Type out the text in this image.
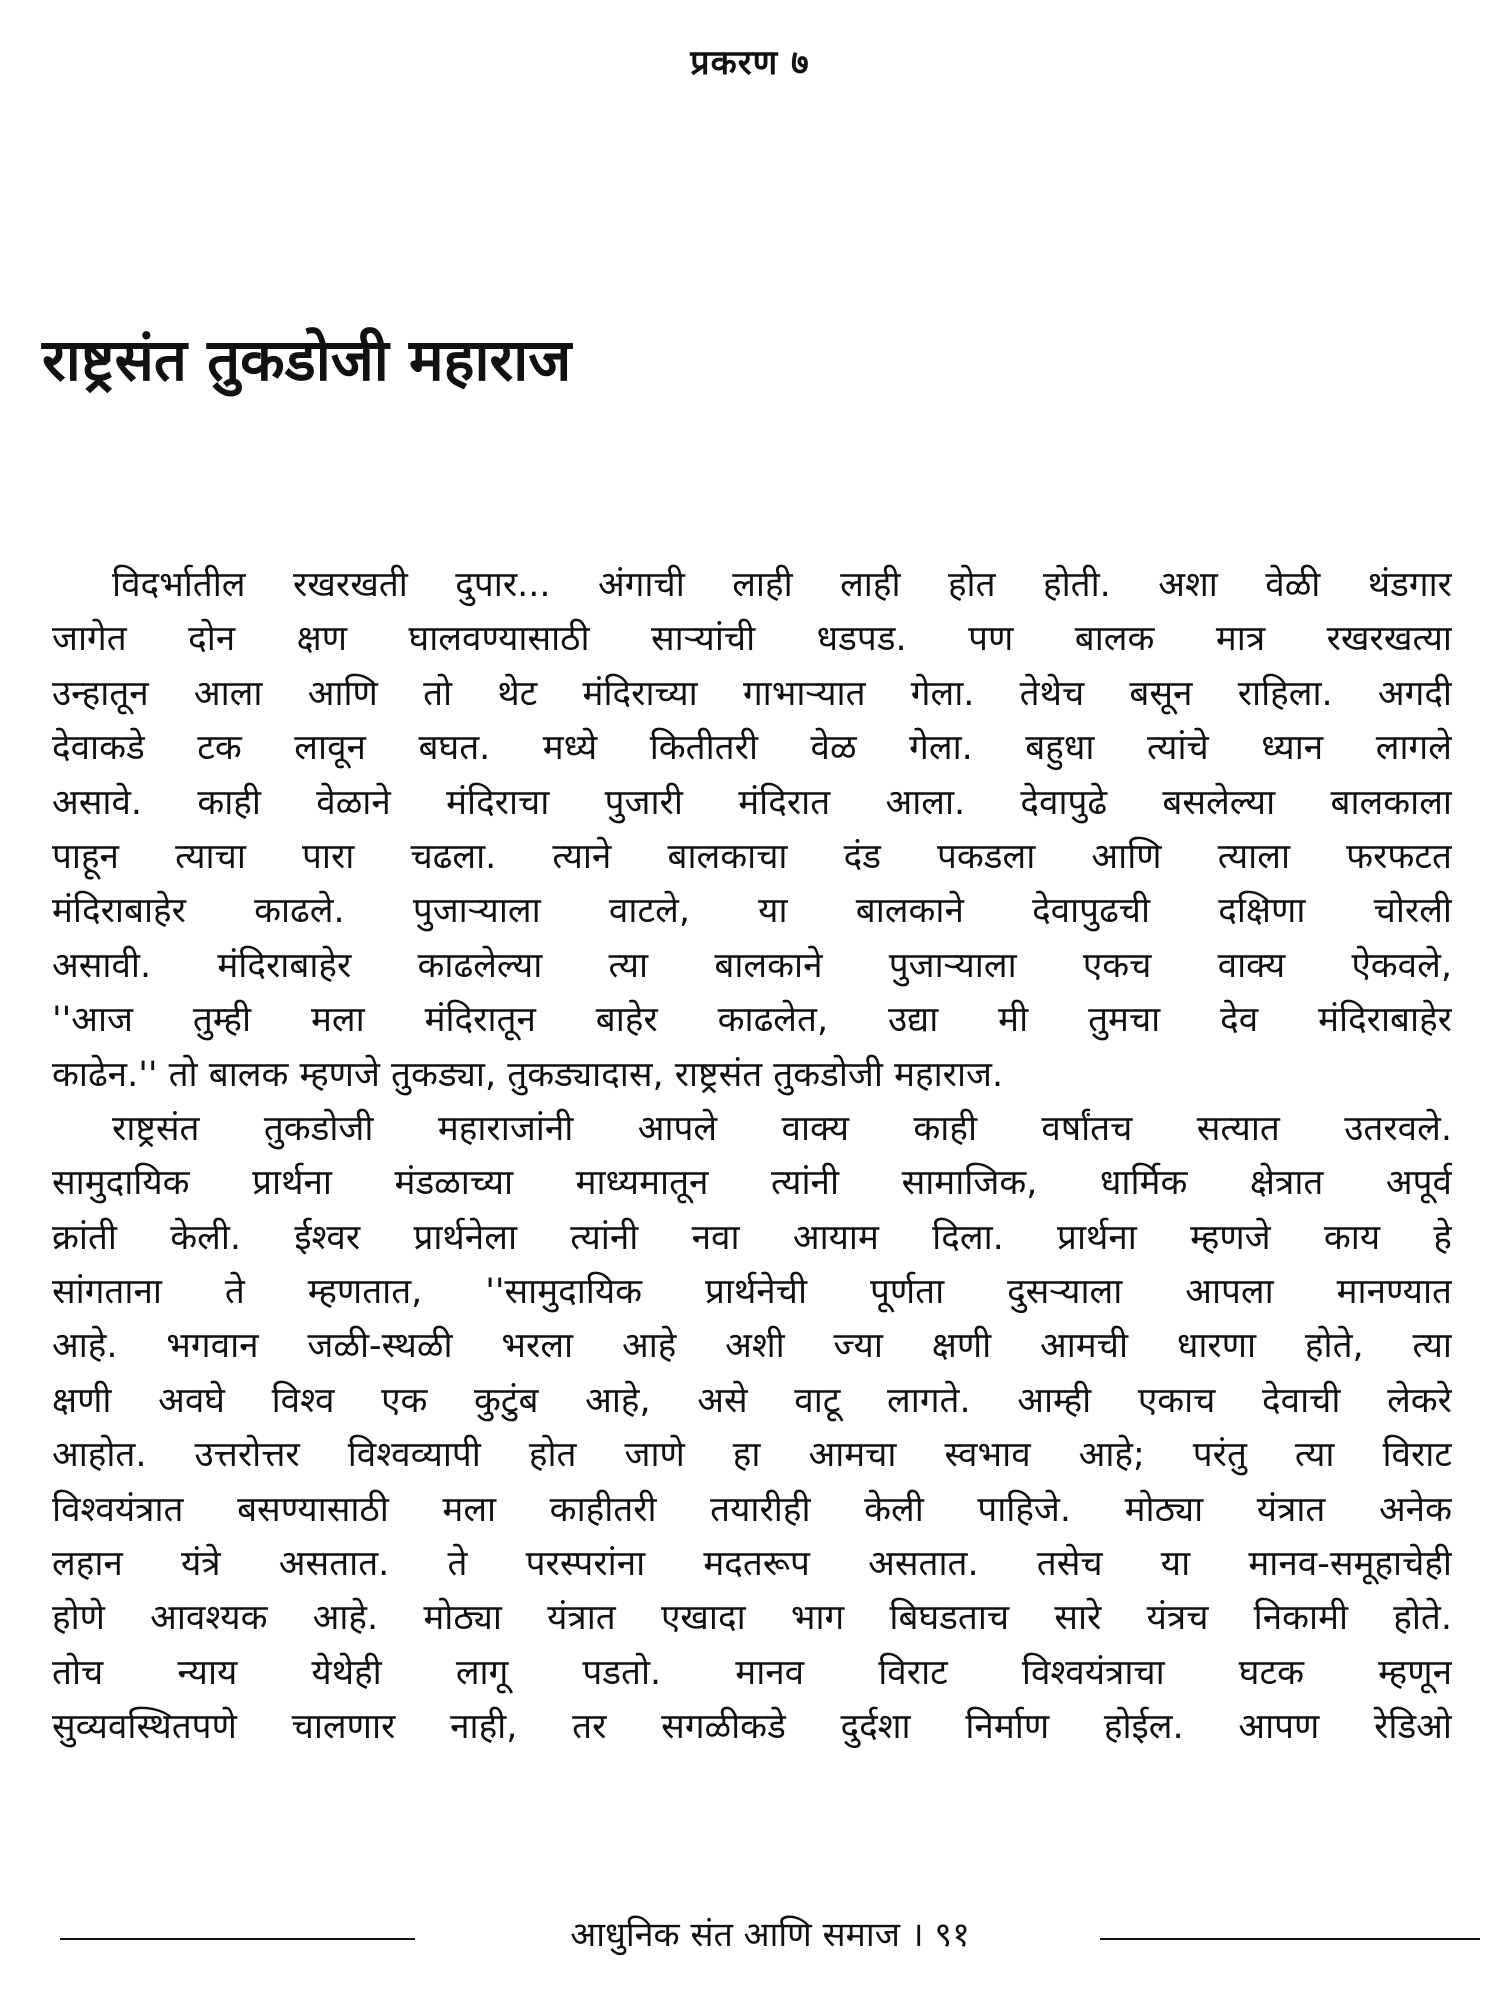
प्रकरण ७
राष्ट्रसंत तुकडोजी महाराज
विदर्भातील रखरखती दुपार... अंगाची लाही लाही होत होती. अशा वेळी थंडगार
जागेत दोन क्षण घालवण्यासाठी साऱ्यांची धडपड. पण बालक मात्र रखरखत्या
उन्हातून आला आणि तो थेट मंदिराच्या गाभाऱ्यात गेला. तेथेच बसून राहिला. अगदी
देवाकडे टक लावून बघत. मध्ये कितीतरी वेळ गेला. बहुधा त्यांचे ध्यान लागले
असावे. काही वेळाने मंदिराचा पुजारी मंदिरात आला. देवापुढे बसलेल्या बालकाला
पाहून त्याचा पारा चढला. त्याने बालकाचा दंड पकडला आणि त्याला फरफटत
मंदिराबाहेर काढले. पुजाऱ्याला वाटले, या बालकाने देवापुढची दक्षिणा चोरली
असावी. मंदिराबाहेर काढलेल्या त्या बालकाने पुजाऱ्याला एकच वाक्य ऐकवले,
''आज तुम्ही मला मंदिरातून बाहेर काढलेत, उद्या मी तुमचा देव मंदिराबाहेर
काढेन.'' तो बालक म्हणजे तुकड्या, तुकड्यादास, राष्ट्रसंत तुकडोजी महाराज.
राष्ट्रसंत तुकडोजी महाराजांनी आपले वाक्य काही वर्षांतच सत्यात उतरवले.
सामुदायिक प्रार्थना मंडळाच्या माध्यमातून त्यांनी सामाजिक, धार्मिक क्षेत्रात अपूर्व
क्रांती केली. ईश्वर प्रार्थनेला त्यांनी नवा आयाम दिला. प्रार्थना म्हणजे काय हे
सांगताना ते म्हणतात, ''सामुदायिक प्रार्थनेची पूर्णता दुसऱ्याला आपला मानण्यात
आहे. भगवान जळी-स्थळी भरला आहे अशी ज्या क्षणी आमची धारणा होते, त्या
क्षणी अवघे विश्व एक कुटुंब आहे, असे वाटू लागते. आम्ही एकाच देवाची लेकरे
आहोत. उत्तरोत्तर विश्वव्यापी होत जाणे हा आमचा स्वभाव आहे; परंतु त्या विराट
विश्वयंत्रात बसण्यासाठी मला काहीतरी तयारीही केली पाहिजे. मोठ्या यंत्रात अनेक
लहान यंत्रे असतात. ते परस्परांना मदतरूप असतात. तसेच या मानव-समूहाचेही
होणे आवश्यक आहे. मोठ्या यंत्रात एखादा भाग बिघडताच सारे यंत्रच निकामी होते.
तोच न्याय येथेही लागू पडतो. मानव विराट विश्वयंत्राचा घटक म्हणून
सुव्यवस्थितपणे चालणार नाही, तर सगळीकडे दुर्दशा निर्माण होईल. आपण रेडिओ
आधुनिक संत आणि समाज । ९१
